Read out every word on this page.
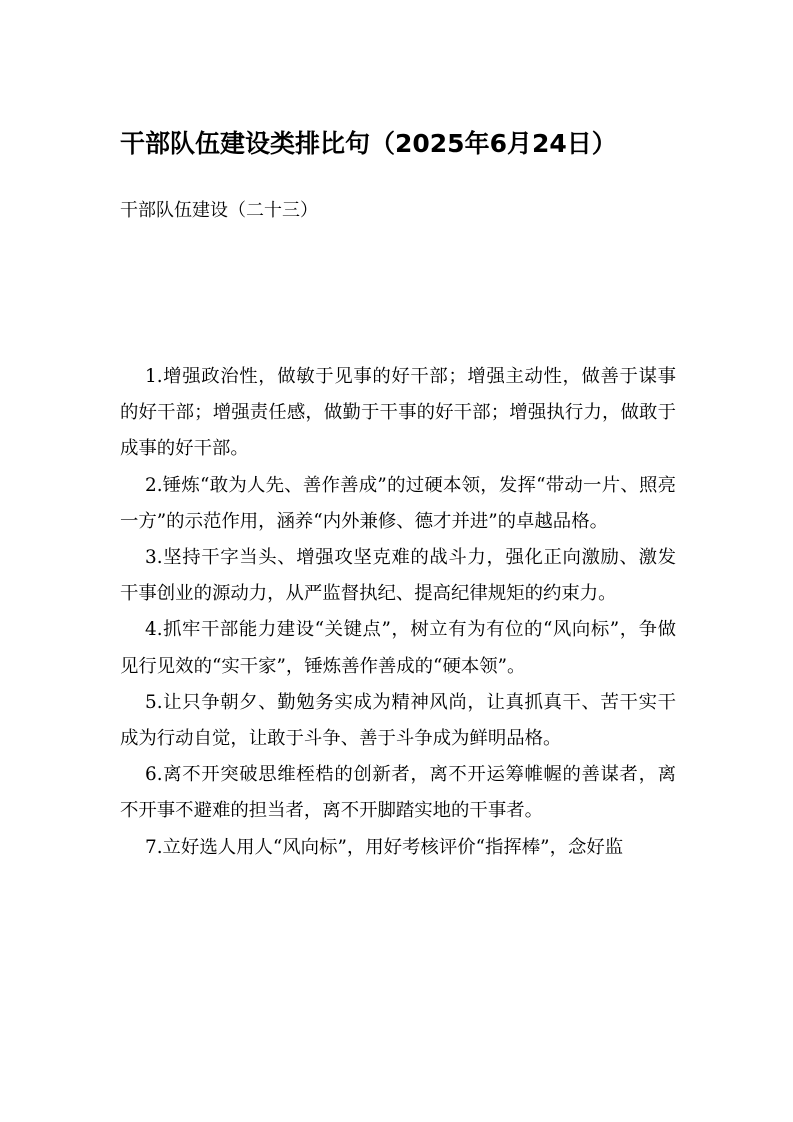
干部队伍建设类排比句（2025年6月24日）

干部队伍建设（二十三）

1.增强政治性，做敏于见事的好干部；增强主动性，做善于谋事的好干部；增强责任感，做勤于干事的好干部；增强执行力，做敢于成事的好干部。

2.锤炼“敢为人先、善作善成”的过硬本领，发挥“带动一片、照亮一方”的示范作用，涵养“内外兼修、德才并进”的卓越品格。

3.坚持干字当头、增强攻坚克难的战斗力，强化正向激励、激发干事创业的源动力，从严监督执纪、提高纪律规矩的约束力。

4.抓牢干部能力建设“关键点”，树立有为有位的“风向标”，争做见行见效的“实干家”，锤炼善作善成的“硬本领”。

5.让只争朝夕、勤勉务实成为精神风尚，让真抓真干、苦干实干成为行动自觉，让敢于斗争、善于斗争成为鲜明品格。

6.离不开突破思维桎梏的创新者，离不开运筹帷幄的善谋者，离不开事不避难的担当者，离不开脚踏实地的干事者。

7.立好选人用人“风向标”，用好考核评价“指挥棒”，念好监
